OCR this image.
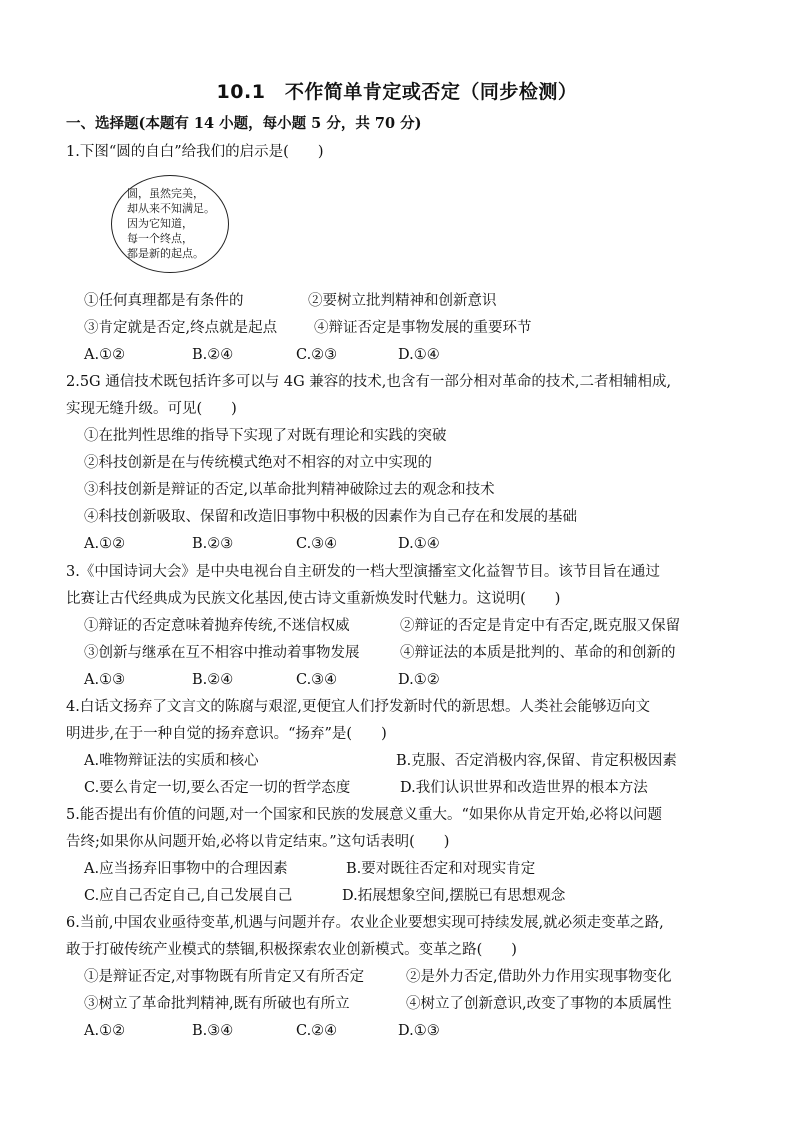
10.1　不作简单肯定或否定（同步检测）
一、选择题(本题有 14 小题，每小题 5 分，共 70 分)
1.下图“圆的自白”给我们的启示是(　　)
圆，虽然完美，
却从来不知满足。
因为它知道，
每一个终点，
都是新的起点。
①任何真理都是有条件的	②要树立批判精神和创新意识
③肯定就是否定,终点就是起点	④辩证否定是事物发展的重要环节
A.①②	B.②④	C.②③	D.①④
2.5G 通信技术既包括许多可以与 4G 兼容的技术,也含有一部分相对革命的技术,二者相辅相成,
实现无缝升级。可见(　　)
①在批判性思维的指导下实现了对既有理论和实践的突破
②科技创新是在与传统模式绝对不相容的对立中实现的
③科技创新是辩证的否定,以革命批判精神破除过去的观念和技术
④科技创新吸取、保留和改造旧事物中积极的因素作为自己存在和发展的基础
A.①②	B.②③	C.③④	D.①④
3.《中国诗词大会》是中央电视台自主研发的一档大型演播室文化益智节目。该节目旨在通过
比赛让古代经典成为民族文化基因,使古诗文重新焕发时代魅力。这说明(　　)
①辩证的否定意味着抛弃传统,不迷信权威	②辩证的否定是肯定中有否定,既克服又保留
③创新与继承在互不相容中推动着事物发展	④辩证法的本质是批判的、革命的和创新的
A.①③	B.②④	C.③④	D.①②
4.白话文扬弃了文言文的陈腐与艰涩,更便宜人们抒发新时代的新思想。人类社会能够迈向文
明进步,在于一种自觉的扬弃意识。“扬弃”是(　　)
A.唯物辩证法的实质和核心	B.克服、否定消极内容,保留、肯定积极因素
C.要么肯定一切,要么否定一切的哲学态度	D.我们认识世界和改造世界的根本方法
5.能否提出有价值的问题,对一个国家和民族的发展意义重大。“如果你从肯定开始,必将以问题
告终;如果你从问题开始,必将以肯定结束。”这句话表明(　　)
A.应当扬弃旧事物中的合理因素	B.要对既往否定和对现实肯定
C.应自己否定自己,自己发展自己	D.拓展想象空间,摆脱已有思想观念
6.当前,中国农业亟待变革,机遇与问题并存。农业企业要想实现可持续发展,就必须走变革之路,
敢于打破传统产业模式的禁锢,积极探索农业创新模式。变革之路(　　)
①是辩证否定,对事物既有所肯定又有所否定	②是外力否定,借助外力作用实现事物变化
③树立了革命批判精神,既有所破也有所立	④树立了创新意识,改变了事物的本质属性
A.①②	B.③④	C.②④	D.①③
